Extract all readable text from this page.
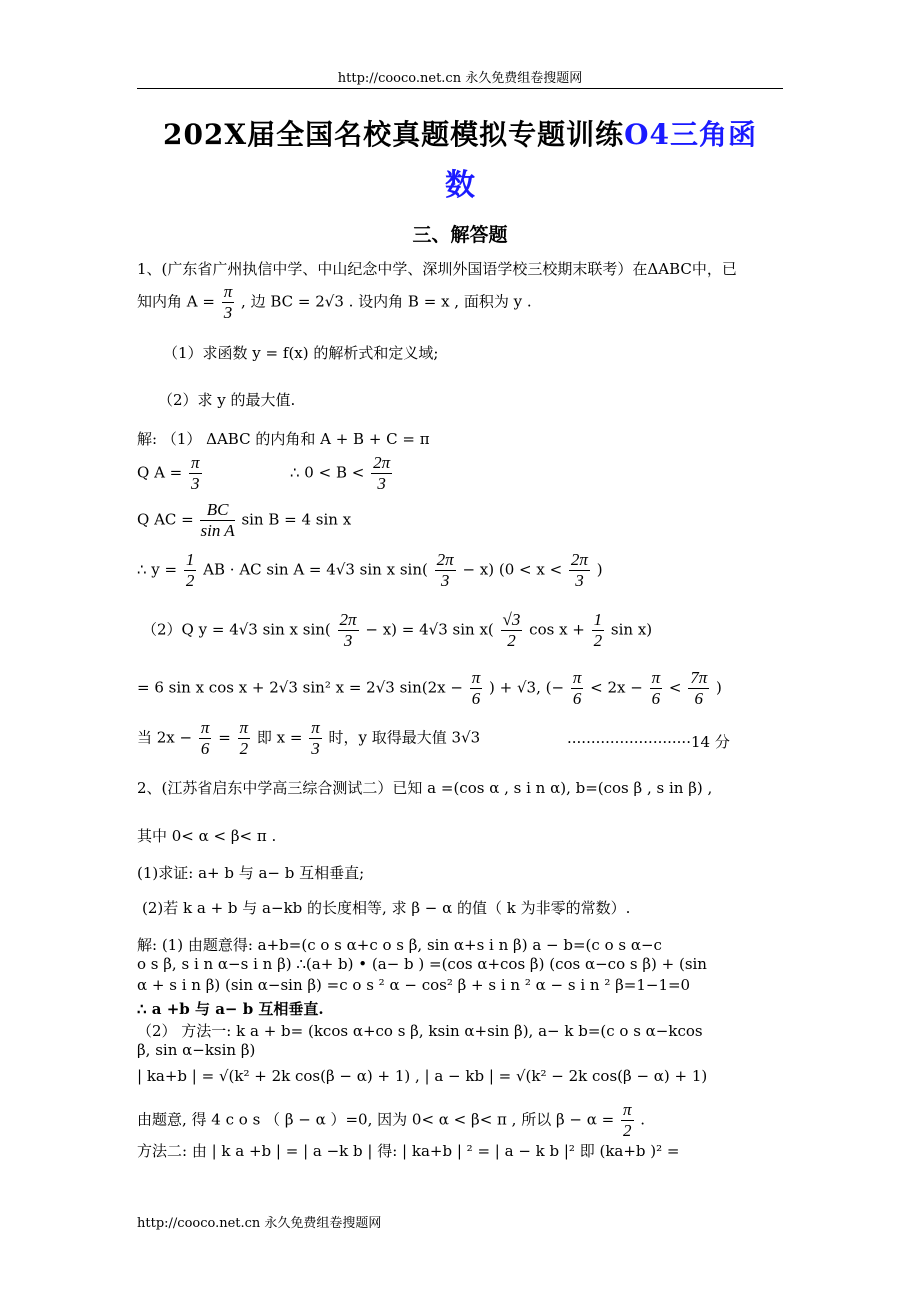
http://cooco.net.cn 永久免费组卷搜题网
202X届全国名校真题模拟专题训练O4三角函
数
三、解答题
1、(广东省广州执信中学、中山纪念中学、深圳外国语学校三校期末联考）在ΔABC中，已
知内角 $A = \frac{\pi}{3}$ , 边 BC = 2√3 . 设内角 B = x , 面积为 y .
（1）求函数 y = f(x) 的解析式和定义域;
（2）求 y 的最大值.
解: （1） ΔABC 的内角和 A + B + C = π
Q $A = \frac{\pi}{3}$	∴ $0 < B < \frac{2\pi}{3}$
Q AC = $\frac{BC}{\text{sin A}}$ sin B = 4 sin x
∴ $y = \frac{1}{2}$ AB · AC sin A = 4√3 sin x $\sin( \frac{2\pi}{3} - x)$ ($0 < x < \frac{2\pi}{3}$ )
（2）Q y = 4√3 sin x $\sin( \frac{2\pi}{3} - x) = 4√3$ $\sin x( \frac{√3}{2}$ $\cos x + \frac{1}{2}$ sin x)
= 6 sin x cos x + 2√3 sin² x = 2√3 $\sin(2x - \frac{\pi}{6}$ ) + √3, (− $\frac{\pi}{6} < 2x - \frac{\pi}{6} < \frac{7\pi}{6}$ )
当 $2x - \frac{\pi}{6} = \frac{\pi}{2}$ 即 $x = \frac{\pi}{3}$ 时，y 取得最大值 3√3	··························14 分
2、(江苏省启东中学高三综合测试二）已知 a =(cos α , s i n α), b=(cos β , s in β) ,
其中 0< α < β< π .
(1)求证: a+ b 与 a− b 互相垂直;
(2)若 k a + b 与 a−kb 的长度相等, 求 β − α 的值（ k 为非零的常数）.
解: (1) 由题意得: a+b=(c o s α+c o s β, sin α+s i n β) a − b=(c o s α−c
o s β, s i n α−s i n β) ∴(a+ b) • (a− b ) =(cos α+cos β) (cos α−co s β) + (sin
α + s i n β) (sin α−sin β) =c o s ² α − cos² β + s i n ² α − s i n ² β=1−1=0
∴ a +b 与 a− b 互相垂直.
（2） 方法一: k a + b= (kcos α+co s β, ksin α+sin β), a− k b=(c o s α−kcos
β, sin α−ksin β)
| ka+b | = √(k² + 2k cos(β − α) + 1) , | a − kb | = √(k² − 2k cos(β − α) + 1)
由题意, 得 4 c o s （ β − α ）=0, 因为 0< α < β< π , 所以 $\beta - \alpha = \frac{\pi}{2}$ .
方法二: 由 | k a +b | = | a −k b | 得: | ka+b | ² = | a − k b |² 即 (ka+b )² =
http://cooco.net.cn 永久免费组卷搜题网
